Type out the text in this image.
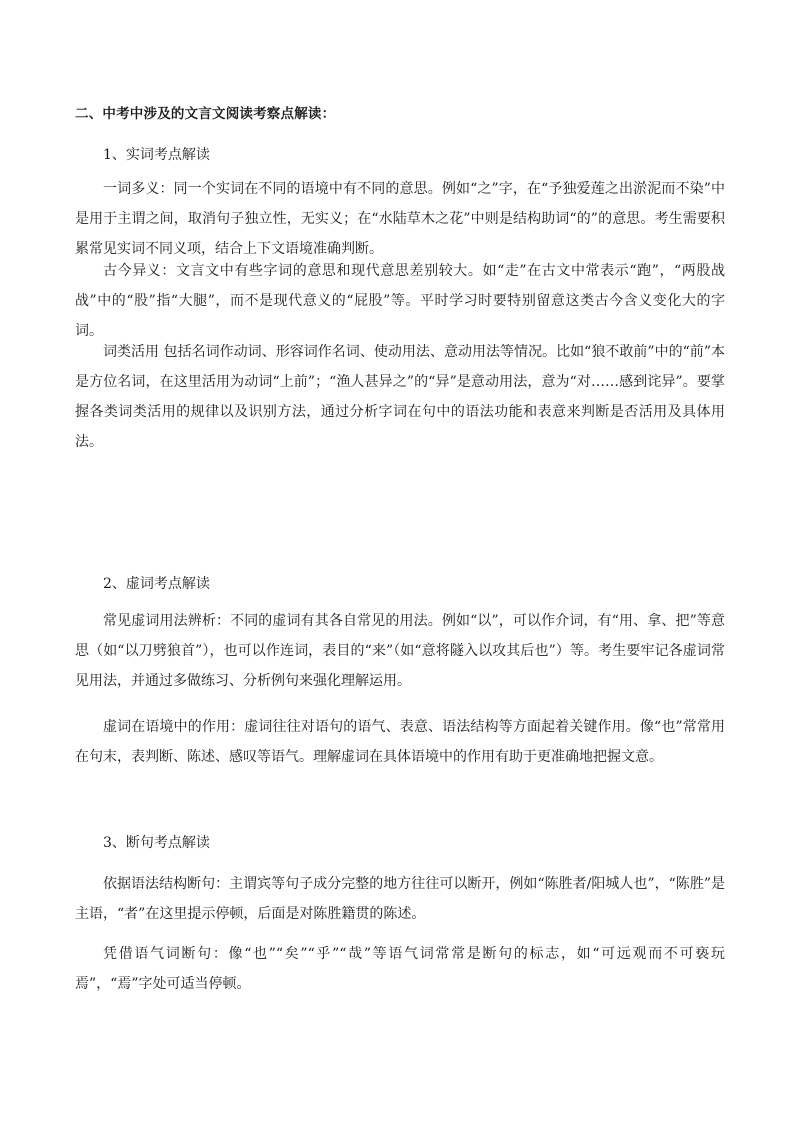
二、中考中涉及的文言文阅读考察点解读：
1、实词考点解读

一词多义：同一个实词在不同的语境中有不同的意思。例如“之”字，在“予独爱莲之出淤泥而不染”中是用于主谓之间，取消句子独立性，无实义；在“水陆草木之花”中则是结构助词“的”的意思。考生需要积累常见实词不同义项，结合上下文语境准确判断。

古今异义：文言文中有些字词的意思和现代意思差别较大。如“走”在古文中常表示“跑”，“两股战战”中的“股”指“大腿”，而不是现代意义的“屁股”等。平时学习时要特别留意这类古今含义变化大的字词。

词类活用 包括名词作动词、形容词作名词、使动用法、意动用法等情况。比如“狼不敢前”中的“前”本是方位名词，在这里活用为动词“上前”；“渔人甚异之”的“异”是意动用法，意为“对……感到诧异”。要掌握各类词类活用的规律以及识别方法，通过分析字词在句中的语法功能和表意来判断是否活用及具体用法。

2、虚词考点解读

常见虚词用法辨析：不同的虚词有其各自常见的用法。例如“以”，可以作介词，有“用、拿、把”等意思（如“以刀劈狼首”），也可以作连词，表目的“来”（如“意将隧入以攻其后也”）等。考生要牢记各虚词常见用法，并通过多做练习、分析例句来强化理解运用。

虚词在语境中的作用：虚词往往对语句的语气、表意、语法结构等方面起着关键作用。像“也”常常用在句末，表判断、陈述、感叹等语气。理解虚词在具体语境中的作用有助于更准确地把握文意。

3、断句考点解读

依据语法结构断句：主谓宾等句子成分完整的地方往往可以断开，例如“陈胜者/阳城人也”，“陈胜”是主语，“者”在这里提示停顿，后面是对陈胜籍贯的陈述。

凭借语气词断句：像“也”“矣”“乎”“哉”等语气词常常是断句的标志，如“可远观而不可亵玩焉”，“焉”字处可适当停顿。
